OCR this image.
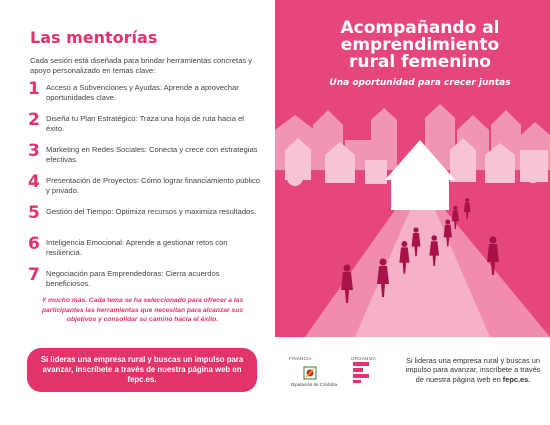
Las mentorías
Cada sesión está diseñada para brindar herramientas concretas y apoyo personalizado en temas clave:
1 Acceso a Subvenciones y Ayudas: Aprende a aprovechar oportunidades clave.
2 Diseña tu Plan Estratégico: Traza una hoja de ruta hacia el éxito.
3 Marketing en Redes Sociales: Conecta y crece con estrategias efectivas.
4 Presentación de Proyectos: Cómo lograr financiamiento público y privado.
5 Gestión del Tiempo: Optimiza recursos y maximiza resultados.
6 Inteligencia Emocional: Aprende a gestionar retos con resiliencia.
7 Negociación para Emprendedoras: Cierra acuerdos beneficiosos.
Y mucho más. Cada tema se ha seleccionado para ofrecer a las participantes las herramientas que necesitan para alcanzar sus objetivos y consolidar su camino hacia el éxito.
Si lideras una empresa rural y buscas un impulso para avanzar, inscríbete a través de nuestra página web en fepc.es.
Acompañando al
emprendimiento
rural femenino
Una oportunidad para crecer juntas
FINANCIA	ORGANIZA
Diputación de Córdoba
Si lideras una empresa rural y buscas un impulso para avanzar, inscríbete a través de nuestra página web en fepc.es.
